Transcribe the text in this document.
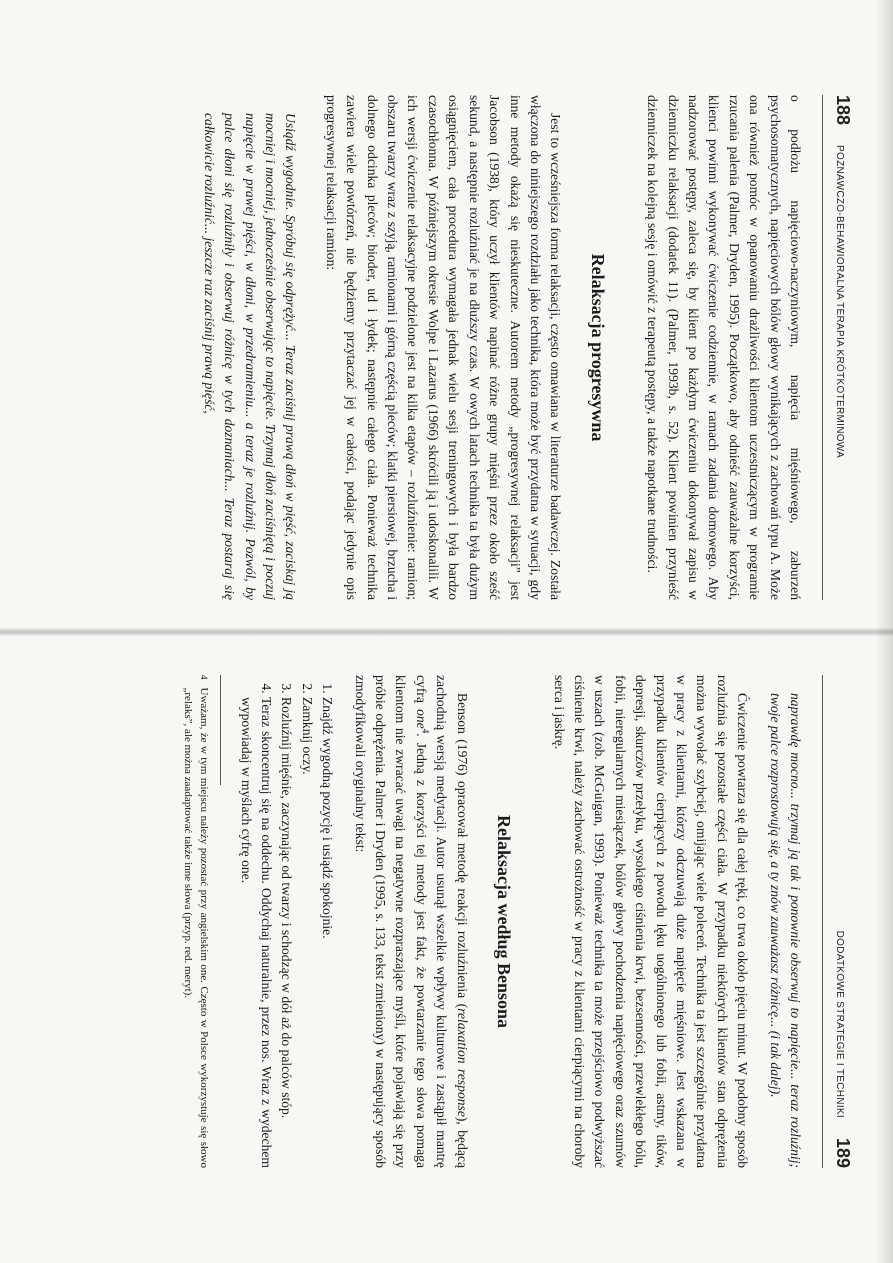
188
POZNAWCZO-BEHAWIORALNA TERAPIA KRÓTKOTERMINOWA

o podłożu napięciowo-naczyniowym, napięcia mięśniowego, zaburzeń psychosomatycznych, napięciowych bólów głowy wynikających z zachowań typu A. Może ona również pomóc w opanowaniu drażliwości klientom uczestniczącym w programie rzucania palenia (Palmer, Dryden, 1995). Początkowo, aby odnieść zauważalne korzyści, klienci powinni wykonywać ćwiczenie codziennie, w ramach zadania domowego. Aby nadzorować postępy, zaleca się, by klient po każdym ćwiczeniu dokonywał zapisu w dzienniczku relaksacji (dodatek 11). (Palmer, 1993b, s. 52). Klient powinien przynieść dzienniczek na kolejną sesję i omówić z terapeutą postępy, a także napotkane trudności.

Relaksacja progresywna

Jest to wcześniejsza forma relaksacji, często omawiana w literaturze badawczej. Została włączona do niniejszego rozdziału jako technika, która może być przydatna w sytuacji, gdy inne metody okażą się nieskuteczne. Autorem metody „progresywnej relaksacji” jest Jacobson (1938), który uczył klientów napinać różne grupy mięśni przez około sześć sekund, a następnie rozluźniać je na dłuższy czas. W owych latach technika ta była dużym osiągnięciem, cała procedura wymagała jednak wielu sesji treningowych i była bardzo czasochłonna. W późniejszym okresie Wolpe i Lazarus (1966) skrócili ją i udoskonalili. W ich wersji ćwiczenie relaksacyjne podzielone jest na kilka etapów – rozluźnienie: ramion; obszaru twarzy wraz z szyją, ramionami i górną częścią pleców; klatki piersiowej, brzucha i dolnego odcinka pleców; bioder, ud i łydek; następnie całego ciała. Ponieważ technika zawiera wiele powtórzeń, nie będziemy przytaczać jej w całości, podając jedynie opis progresywnej relaksacji ramion:

Usiądź wygodnie. Spróbuj się odprężyć... Teraz zaciśnij prawą dłoń w pięść, zaciskaj ją mocniej i mocniej, jednocześnie obserwując to napięcie. Trzymaj dłoń zaciśniętą i poczuj napięcie w prawej pięści, w dłoni, w przedramieniu... a teraz je rozluźnij. Pozwól, by palce dłoni się rozluźniły i obserwuj różnicę w tych doznaniach... Teraz postaraj się całkowicie rozluźnić... jeszcze raz zaciśnij prawą pięść,

DODATKOWE STRATEGIE I TECHNIKI
189

naprawdę mocno... trzymaj ją tak i ponownie obserwuj to napięcie... teraz rozluźnij; twoje palce rozprostowują się, a ty znów zauważasz różnicę... (i tak dalej).

Ćwiczenie powtarza się dla całej ręki, co trwa około pięciu minut. W podobny sposób rozluźnia się pozostałe części ciała. W przypadku niektórych klientów stan odprężenia można wywołać szybciej, omijając wiele poleceń. Technika ta jest szczególnie przydatna w pracy z klientami, którzy odczuwają duże napięcie mięśniowe. Jest wskazana w przypadku klientów cierpiących z powodu lęku uogólnionego lub fobii, astmy, tików, depresji, skurczów przełyku, wysokiego ciśnienia krwi, bezsenności, przewlekłego bólu, fobii, nieregularnych miesiączek, bólów głowy pochodzenia napięciowego oraz szumów w uszach (zob. McGuigan, 1993). Ponieważ technika ta może przejściowo podwyższać ciśnienie krwi, należy zachować ostrożność w pracy z klientami cierpiącymi na choroby serca i jaskrę.

Relaksacja według Bensona

Benson (1976) opracował metodę reakcji rozluźnienia (relaxation response), będącą zachodnią wersją medytacji. Autor usunął wszelkie wpływy kulturowe i zastąpił mantrę cyfrą one$^4$. Jedną z korzyści tej metody jest fakt, że powtarzanie tego słowa pomaga klientom nie zwracać uwagi na negatywne rozpraszające myśli, które pojawiają się przy próbie odprężenia. Palmer i Dryden (1995, s. 133, tekst zmieniony) w następujący sposób zmodyfikowali oryginalny tekst:

1. Znajdź wygodną pozycję i usiądź spokojnie.
2. Zamknij oczy.
3. Rozluźnij mięśnie, zaczynając od twarzy i schodząc w dół aż do palców stóp.
4. Teraz skoncentruj się na oddechu. Oddychaj naturalnie, przez nos. Wraz z wydechem wypowiadaj w myślach cyfrę one.
4
Uważam, że w tym miejscu należy pozostać przy angielskim one. Często w Polsce wykorzystuje się słowo „relaks”, ale można zaadaptować także inne słowa (przyp. red. meryt).
